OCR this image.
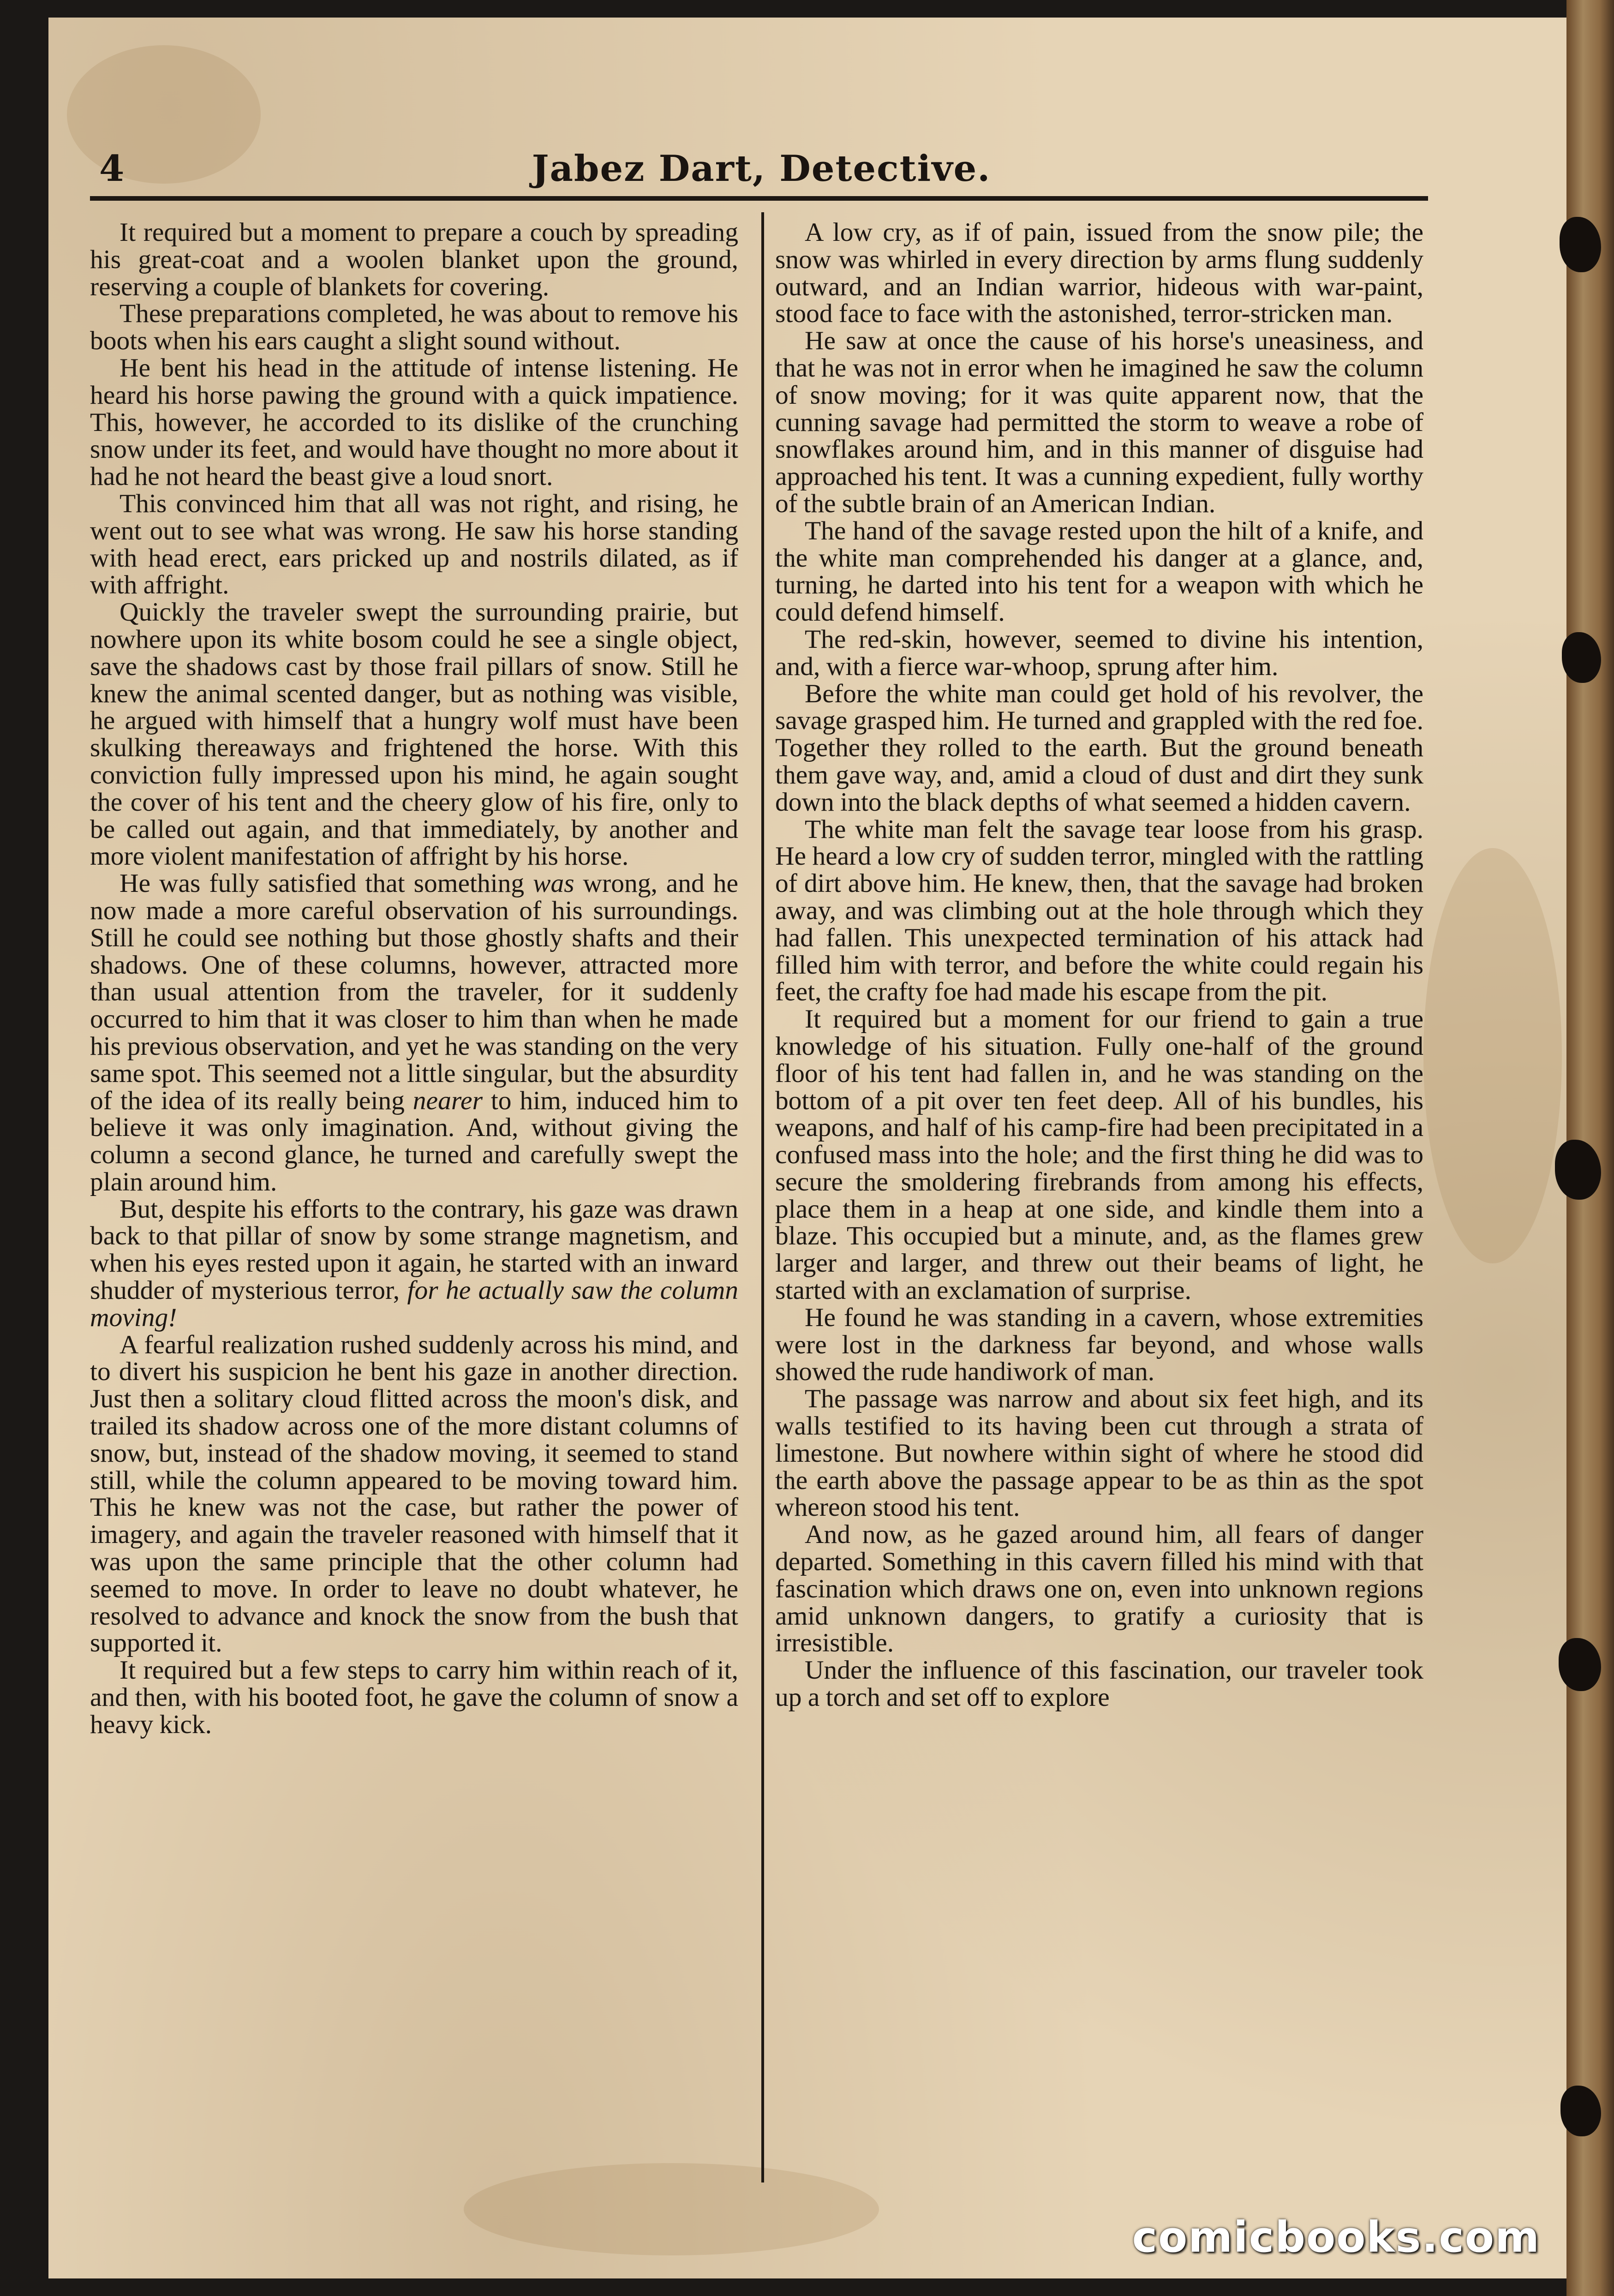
4	Jabez Dart, Detective.

It required but a moment to prepare a couch by spreading his great-coat and a woolen blanket upon the ground, reserving a couple of blankets for covering.

These preparations completed, he was about to remove his boots when his ears caught a slight sound without.

He bent his head in the attitude of intense listening. He heard his horse pawing the ground with a quick impatience. This, however, he accorded to its dislike of the crunching snow under its feet, and would have thought no more about it had he not heard the beast give a loud snort.

This convinced him that all was not right, and rising, he went out to see what was wrong. He saw his horse standing with head erect, ears pricked up and nostrils dilated, as if with affright.

Quickly the traveler swept the surrounding prairie, but nowhere upon its white bosom could he see a single object, save the shadows cast by those frail pillars of snow. Still he knew the animal scented danger, but as nothing was visible, he argued with himself that a hungry wolf must have been skulking thereaways and frightened the horse. With this conviction fully impressed upon his mind, he again sought the cover of his tent and the cheery glow of his fire, only to be called out again, and that immediately, by another and more violent manifestation of affright by his horse.

He was fully satisfied that something was wrong, and he now made a more careful observation of his surroundings. Still he could see nothing but those ghostly shafts and their shadows. One of these columns, however, attracted more than usual attention from the traveler, for it suddenly occurred to him that it was closer to him than when he made his previous observation, and yet he was standing on the very same spot. This seemed not a little singular, but the absurdity of the idea of its really being nearer to him, induced him to believe it was only imagination. And, without giving the column a second glance, he turned and carefully swept the plain around him.

But, despite his efforts to the contrary, his gaze was drawn back to that pillar of snow by some strange magnetism, and when his eyes rested upon it again, he started with an inward shudder of mysterious terror, for he actually saw the column moving!

A fearful realization rushed suddenly across his mind, and to divert his suspicion he bent his gaze in another direction. Just then a solitary cloud flitted across the moon's disk, and trailed its shadow across one of the more distant columns of snow, but, instead of the shadow moving, it seemed to stand still, while the column appeared to be moving toward him. This he knew was not the case, but rather the power of imagery, and again the traveler reasoned with himself that it was upon the same principle that the other column had seemed to move. In order to leave no doubt whatever, he resolved to advance and knock the snow from the bush that supported it.

It required but a few steps to carry him within reach of it, and then, with his booted foot, he gave the column of snow a heavy kick.

A low cry, as if of pain, issued from the snow pile; the snow was whirled in every direction by arms flung suddenly outward, and an Indian warrior, hideous with war-paint, stood face to face with the astonished, terror-stricken man.

He saw at once the cause of his horse's uneasiness, and that he was not in error when he imagined he saw the column of snow moving; for it was quite apparent now, that the cunning savage had permitted the storm to weave a robe of snowflakes around him, and in this manner of disguise had approached his tent. It was a cunning expedient, fully worthy of the subtle brain of an American Indian.

The hand of the savage rested upon the hilt of a knife, and the white man comprehended his danger at a glance, and, turning, he darted into his tent for a weapon with which he could defend himself.

The red-skin, however, seemed to divine his intention, and, with a fierce war-whoop, sprung after him.

Before the white man could get hold of his revolver, the savage grasped him. He turned and grappled with the red foe. Together they rolled to the earth. But the ground beneath them gave way, and, amid a cloud of dust and dirt they sunk down into the black depths of what seemed a hidden cavern.

The white man felt the savage tear loose from his grasp. He heard a low cry of sudden terror, mingled with the rattling of dirt above him. He knew, then, that the savage had broken away, and was climbing out at the hole through which they had fallen. This unexpected termination of his attack had filled him with terror, and before the white could regain his feet, the crafty foe had made his escape from the pit.

It required but a moment for our friend to gain a true knowledge of his situation. Fully one-half of the ground floor of his tent had fallen in, and he was standing on the bottom of a pit over ten feet deep. All of his bundles, his weapons, and half of his camp-fire had been precipitated in a confused mass into the hole; and the first thing he did was to secure the smoldering firebrands from among his effects, place them in a heap at one side, and kindle them into a blaze. This occupied but a minute, and, as the flames grew larger and larger, and threw out their beams of light, he started with an exclamation of surprise.

He found he was standing in a cavern, whose extremities were lost in the darkness far beyond, and whose walls showed the rude handiwork of man.

The passage was narrow and about six feet high, and its walls testified to its having been cut through a strata of limestone. But nowhere within sight of where he stood did the earth above the passage appear to be as thin as the spot whereon stood his tent.

And now, as he gazed around him, all fears of danger departed. Something in this cavern filled his mind with that fascination which draws one on, even into unknown regions amid unknown dangers, to gratify a curiosity that is irresistible.

Under the influence of this fascination, our traveler took up a torch and set off to explore

comicbooks.com
